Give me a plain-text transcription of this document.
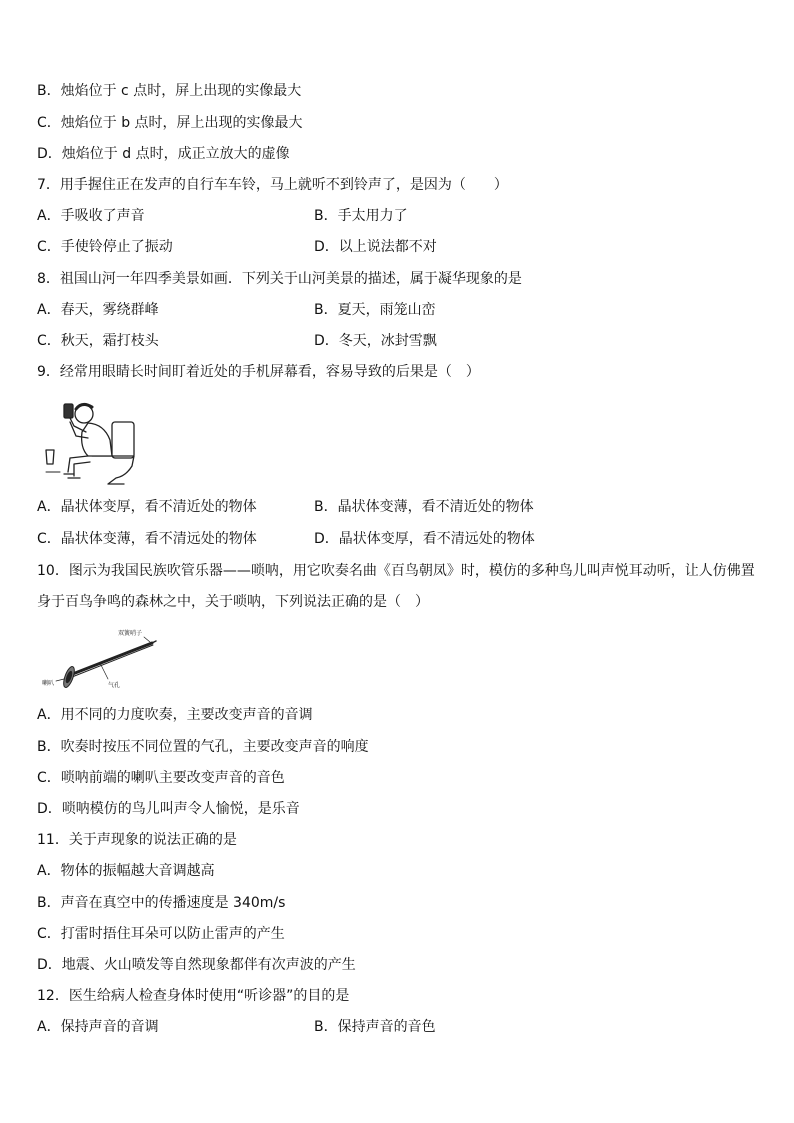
B．烛焰位于 c 点时，屏上出现的实像最大
C．烛焰位于 b 点时，屏上出现的实像最大
D．烛焰位于 d 点时，成正立放大的虚像
7．用手握住正在发声的自行车车铃，马上就听不到铃声了，是因为（　　）
A．手吸收了声音	B．手太用力了
C．手使铃停止了振动	D．以上说法都不对
8．祖国山河一年四季美景如画．下列关于山河美景的描述，属于凝华现象的是
A．春天，雾绕群峰	B．夏天，雨笼山峦
C．秋天，霜打枝头	D．冬天，冰封雪飘
9．经常用眼睛长时间盯着近处的手机屏幕看，容易导致的后果是（　）
A．晶状体变厚，看不清近处的物体	B．晶状体变薄，看不清近处的物体
C．晶状体变薄，看不清远处的物体	D．晶状体变厚，看不清远处的物体
10．图示为我国民族吹管乐器——唢呐，用它吹奏名曲《百鸟朝凤》时，模仿的多种鸟儿叫声悦耳动听，让人仿佛置
身于百鸟争鸣的森林之中，关于唢呐，下列说法正确的是（　）
双簧哨子
喇叭	气孔
A．用不同的力度吹奏，主要改变声音的音调
B．吹奏时按压不同位置的气孔，主要改变声音的响度
C．唢呐前端的喇叭主要改变声音的音色
D．唢呐模仿的鸟儿叫声令人愉悦，是乐音
11．关于声现象的说法正确的是
A．物体的振幅越大音调越高
B．声音在真空中的传播速度是 340m/s
C．打雷时捂住耳朵可以防止雷声的产生
D．地震、火山喷发等自然现象都伴有次声波的产生
12．医生给病人检查身体时使用“听诊器”的目的是
A．保持声音的音调	B．保持声音的音色
